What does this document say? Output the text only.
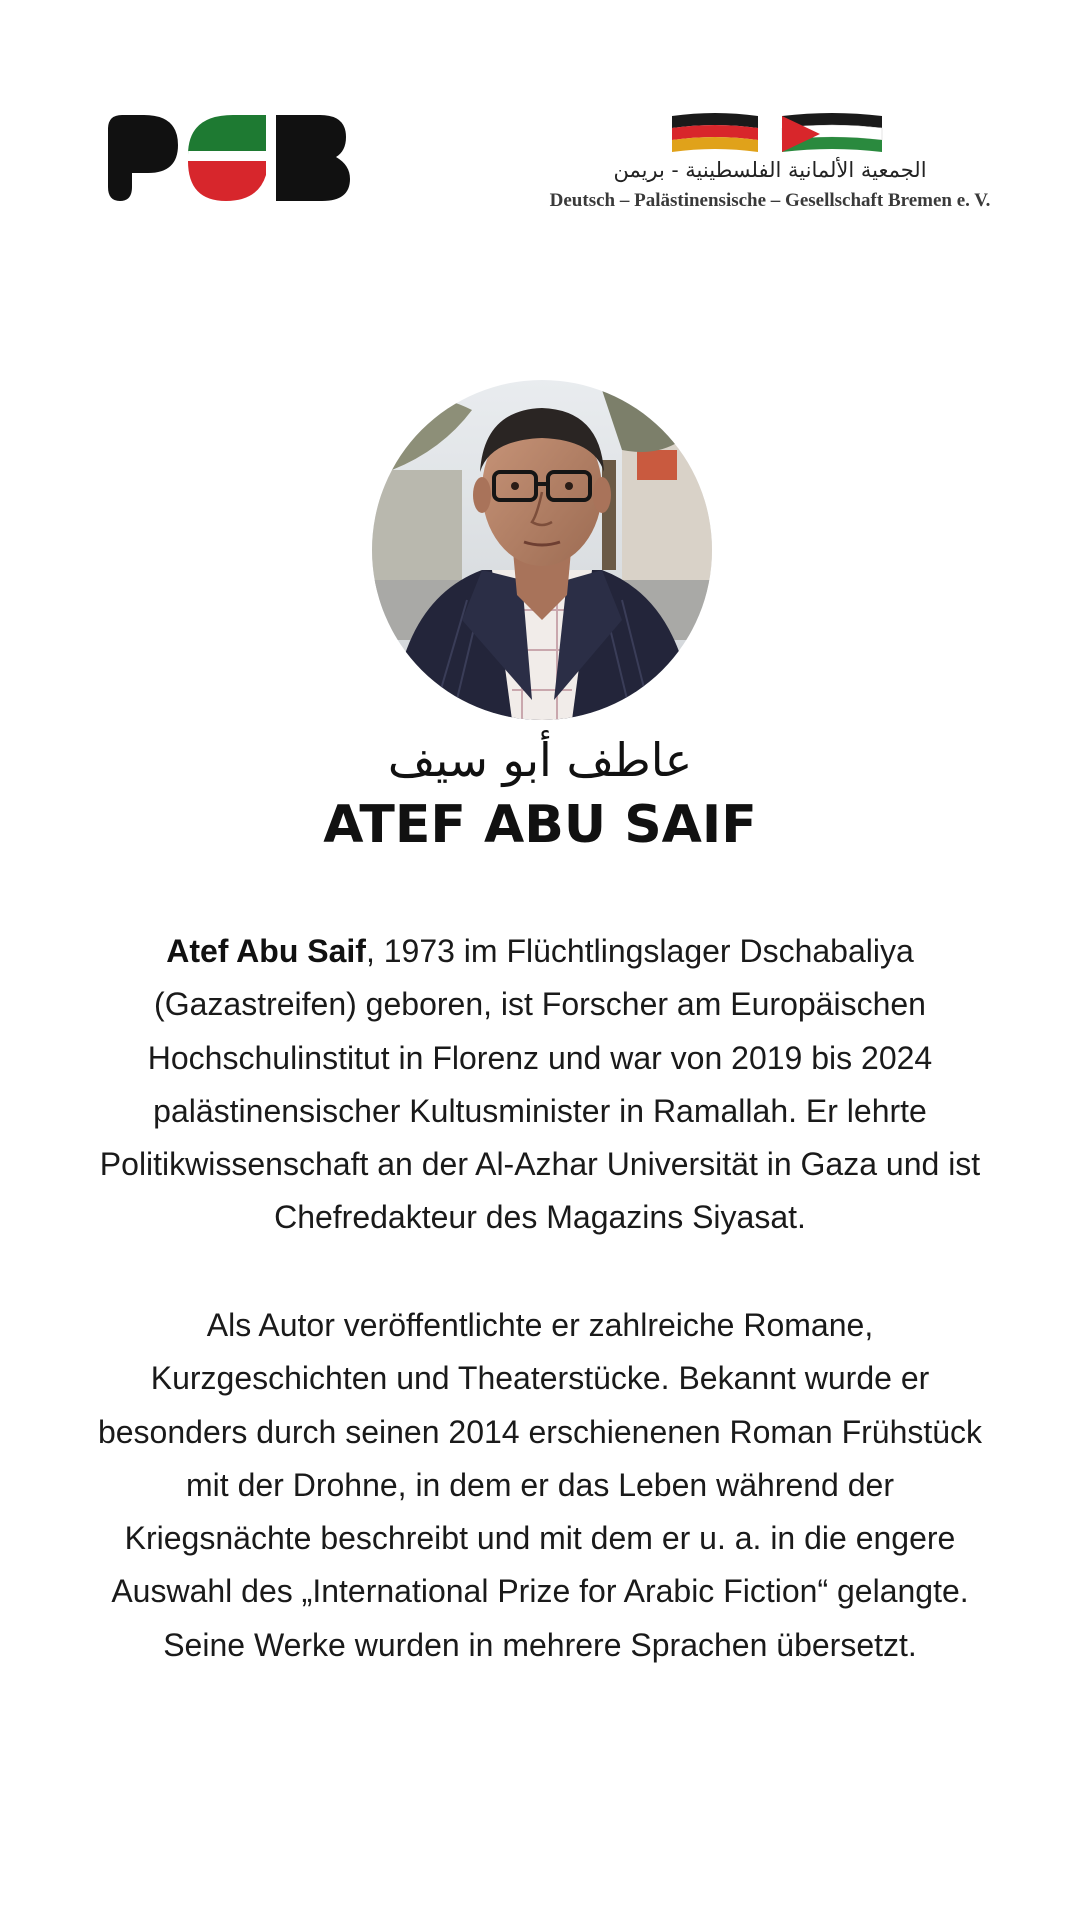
الجمعية الألمانية الفلسطينية - بريمن
Deutsch – Palästinensische – Gesellschaft Bremen e. V.
عاطف أبو سيف
ATEF ABU SAIF

Atef Abu Saif, 1973 im Flüchtlingslager Dschabaliya (Gazastreifen) geboren, ist Forscher am Europäischen Hochschulinstitut in Florenz und war von 2019 bis 2024 palästinensischer Kultusminister in Ramallah. Er lehrte Politikwissenschaft an der Al-Azhar Universität in Gaza und ist Chefredakteur des Magazins Siyasat.

Als Autor veröffentlichte er zahlreiche Romane, Kurzgeschichten und Theaterstücke. Bekannt wurde er besonders durch seinen 2014 erschienenen Roman Frühstück mit der Drohne, in dem er das Leben während der Kriegsnächte beschreibt und mit dem er u. a. in die engere Auswahl des „International Prize for Arabic Fiction“ gelangte. Seine Werke wurden in mehrere Sprachen übersetzt.
